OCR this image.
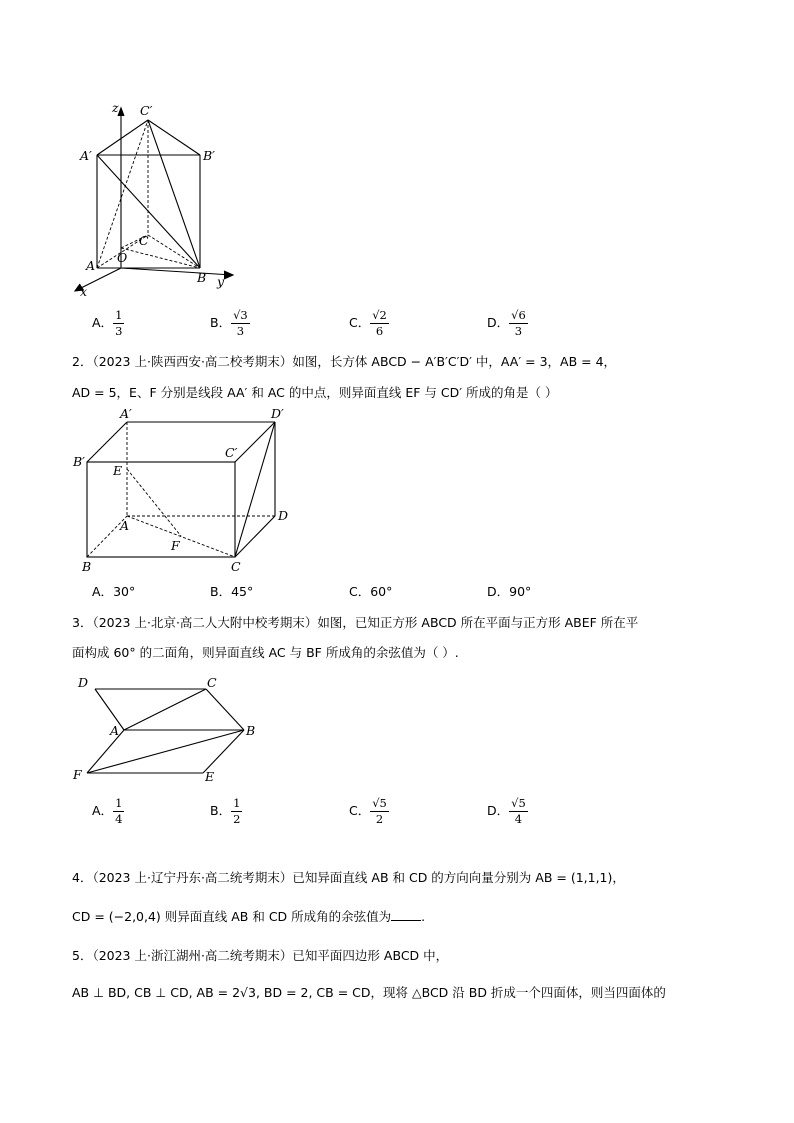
z C′
A′	B′
C
O
A
B
x
y
A． $\frac{1}{3}$	B． $\frac{√3}{3}$	C． $\frac{√2}{6}$	D． $\frac{√6}{3}$
2．（2023 上·陕西西安·高二校考期末）如图，长方体 ABCD − A′B′C′D′ 中，AA′ = 3，AB = 4，
AD = 5，E、F 分别是线段 AA′ 和 AC 的中点，则异面直线 EF 与 CD′ 所成的角是（ ）
A′	D′
B′
C′
E
A
D
F
B	C
A．30°	B．45°	C．60°	D．90°
3．（2023 上·北京·高二人大附中校考期末）如图，已知正方形 ABCD 所在平面与正方形 ABEF 所在平
面构成 60° 的二面角，则异面直线 AC 与 BF 所成角的余弦值为（ ）.
D	C
A	B
F	E
A． $\frac{1}{4}$	B． $\frac{1}{2}$	C． $\frac{√5}{2}$	D． $\frac{√5}{4}$
4．（2023 上·辽宁丹东·高二统考期末）已知异面直线 AB 和 CD 的方向向量分别为 AB = (1,1,1)，
CD = (−2,0,4) 则异面直线 AB 和 CD 所成角的余弦值为 .
5．（2023 上·浙江湖州·高二统考期末）已知平面四边形 ABCD 中，
AB ⊥ BD, CB ⊥ CD, AB = 2√3, BD = 2, CB = CD，现将 △BCD 沿 BD 折成一个四面体，则当四面体的
